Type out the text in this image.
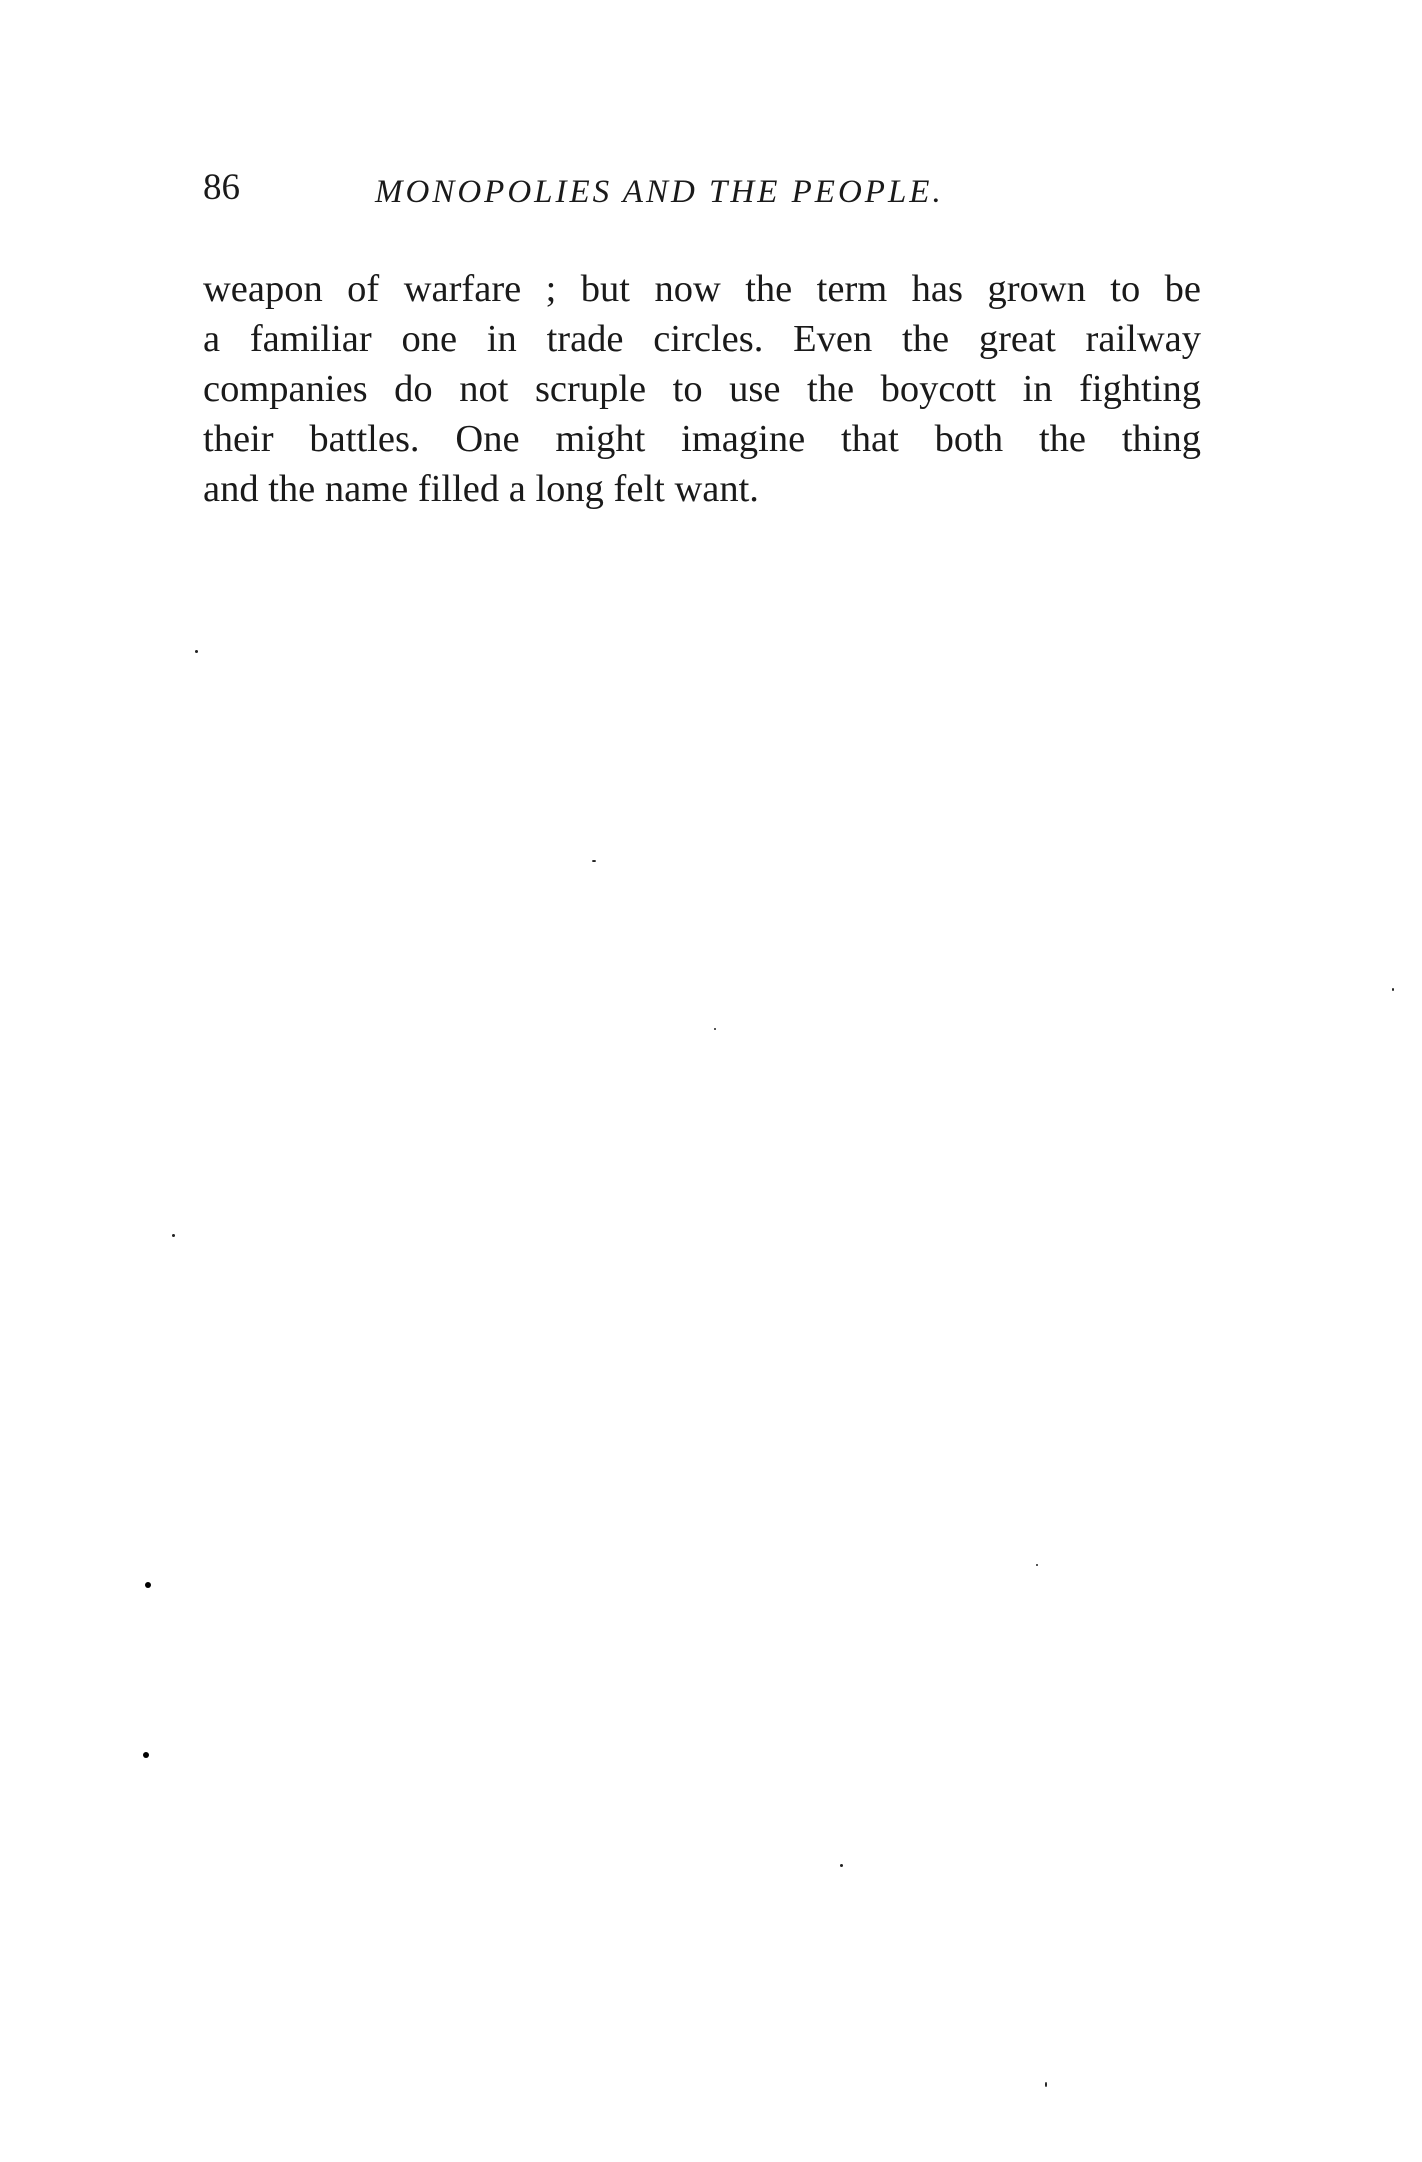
86	MONOPOLIES AND THE PEOPLE.
weapon of warfare ; but now the term has grown to be
a familiar one in trade circles. Even the great railway
companies do not scruple to use the boycott in fighting
their battles. One might imagine that both the thing
and the name filled a long felt want.
